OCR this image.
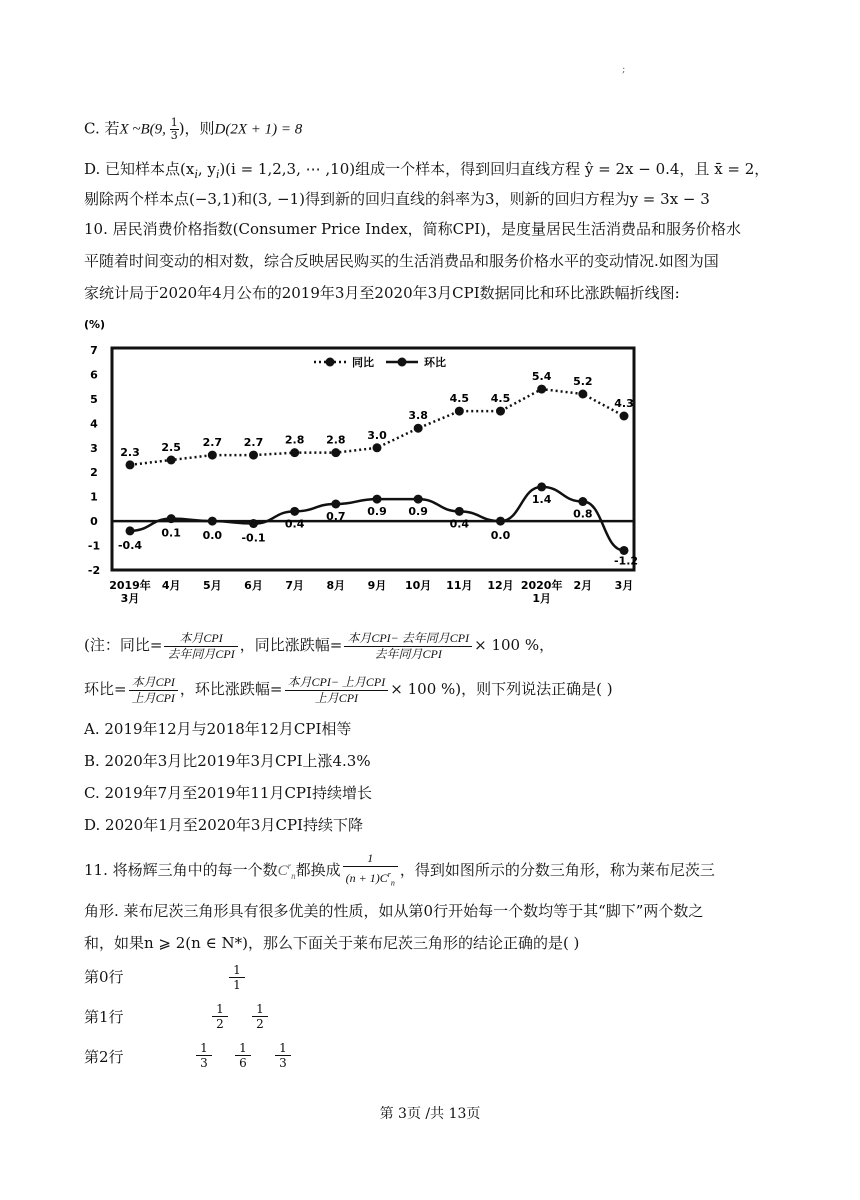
;
C. 若X ~B(9, $\frac{1}{3}$ )，则D(2X + 1) = 8
D. 已知样本点($x_i$, $y_i)(i = 1,2,3$, ⋯ ,10)组成一个样本，得到回归直线方程 ŷ = 2x − 0.4，且 x̄ = 2，
剔除两个样本点(−3,1)和(3, −1)得到新的回归直线的斜率为3，则新的回归方程为y = 3x − 3
10. 居民消费价格指数(Consumer Price Index，简称CPI)，是度量居民生活消费品和服务价格水
平随着时间变动的相对数，综合反映居民购买的生活消费品和服务价格水平的变动情况.如图为国
家统计局于2020年4月公布的2019年3月至2020年3月CPI数据同比和环比涨跌幅折线图:
(%)
7
6
5
4
3
2
1
0
-1
-2
2019年
3月
4月 5月 6月 7月 8月 9月 10月 11月 12月 2020年
1月
2月 3月
同比	环比
2.3 2.5 2.7 2.7 2.8 2.8 3.0
3.8
4.5 4.5
5.4 5.2
4.3
-0.4
0.1 0.0 -0.1
0.4
0.7 0.9 0.9
0.4
0.0
1.4
0.8
-1.2
(注：同比= $\frac{\text{本月CPI}}{\text{去年同月CPI}}$ ，同比涨跌幅= $\frac{\text{本月CPI− 去年同月CPI}}{\text{去年同月CPI}} \times 100$ %，
环比= $\frac{\text{本月CPI}}{\text{上月CPI}}$ ，环比涨跌幅= $\frac{\text{本月CPI− 上月CPI}}{\text{上月CPI}} \times 100$ %)，则下列说法正确是( )
A. 2019年12月与2018年12月CPI相等
B. 2020年3月比2019年3月CPI上涨4.3%
C. 2019年7月至2019年11月CPI持续增长
D. 2020年1月至2020年3月CPI持续下降
11. 将杨辉三角中的每一个数$C^r_n$都换成 $\frac{1}{(n + 1)C^r_n}$ ，得到如图所示的分数三角形，称为莱布尼茨三
角形. 莱布尼茨三角形具有很多优美的性质，如从第0行开始每一个数均等于其“脚下”两个数之
和，如果n ⩾ 2(n ∈ N*)，那么下面关于莱布尼茨三角形的结论正确的是( )
第0行
第1行
第2行
$\frac{1}{1}$
$\frac{1}{2} \frac{1}{2}$
$\frac{1}{3} \frac{1}{6} \frac{1}{3}$
第 3页 /共 13页
